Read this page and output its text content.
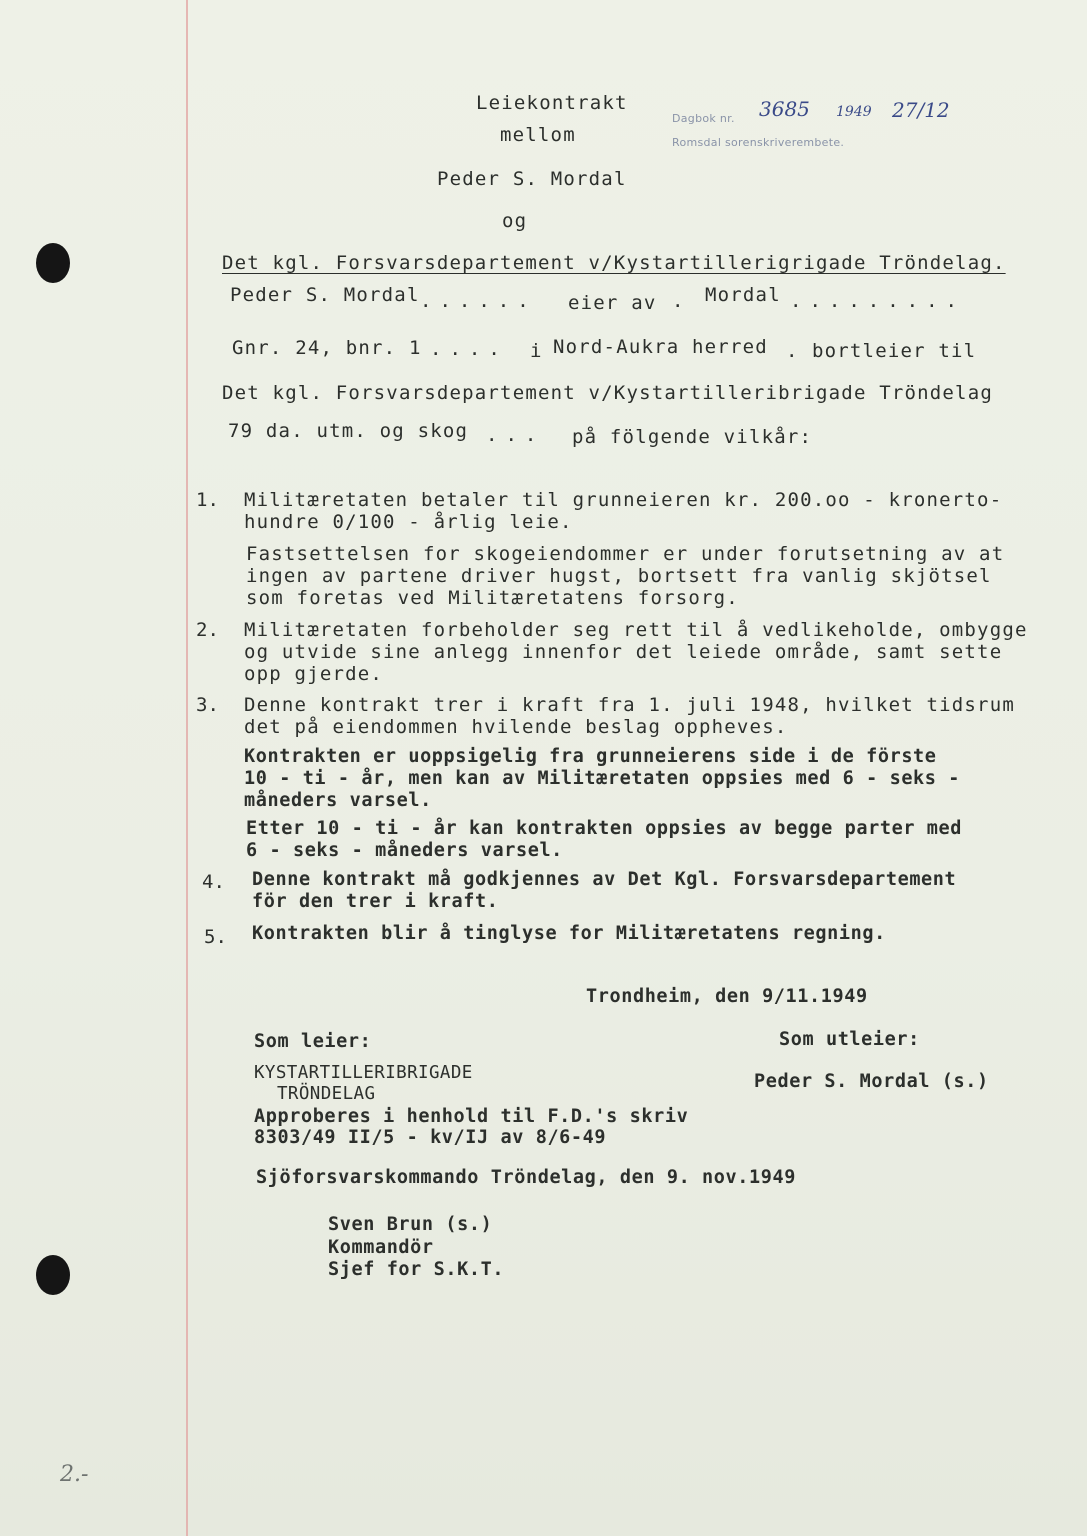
Leiekontrakt
mellom
Peder S. Mordal
og
Det kgl. Forsvarsdepartement v/Kystartillerigrigade Tröndelag.
Dagbok nr. 3685 1949 27/12
Romsdal sorenskriverembete.
Peder S. Mordal ...... eier av	Mordal
.	.........
Gnr. 24, bnr. 1 .... i Nord-Aukra herred . bortleier til
Det kgl. Forsvarsdepartement v/Kystartilleribrigade Tröndelag
79 da. utm. og skog ... på fölgende vilkår:
1. Militæretaten betaler til grunneieren kr. 200.oo - kronerto-
hundre 0/100 - årlig leie.
Fastsettelsen for skogeiendommer er under forutsetning av at
ingen av partene driver hugst, bortsett fra vanlig skjötsel
som foretas ved Militæretatens forsorg.
2. Militæretaten forbeholder seg rett til å vedlikeholde, ombygge
og utvide sine anlegg innenfor det leiede område, samt sette
opp gjerde.
3. Denne kontrakt trer i kraft fra 1. juli 1948, hvilket tidsrum
det på eiendommen hvilende beslag oppheves.
Kontrakten er uoppsigelig fra grunneierens side i de förste
10 - ti - år, men kan av Militæretaten oppsies med 6 - seks -
måneders varsel.
Etter 10 - ti - år kan kontrakten oppsies av begge parter med
6 - seks - måneders varsel.
4. Denne kontrakt må godkjennes av Det Kgl. Forsvarsdepartement
för den trer i kraft.
5. Kontrakten blir å tinglyse for Militæretatens regning.
Trondheim, den 9/11.1949
Som leier:	Som utleier:
KYSTARTILLERIBRIGADE
TRÖNDELAG
Peder S. Mordal (s.)
Approberes i henhold til F.D.'s skriv
8303/49 II/5 - kv/IJ av 8/6-49
Sjöforsvarskommando Tröndelag, den 9. nov.1949
Sven Brun (s.)
Kommandör
Sjef for S.K.T.
2.-
